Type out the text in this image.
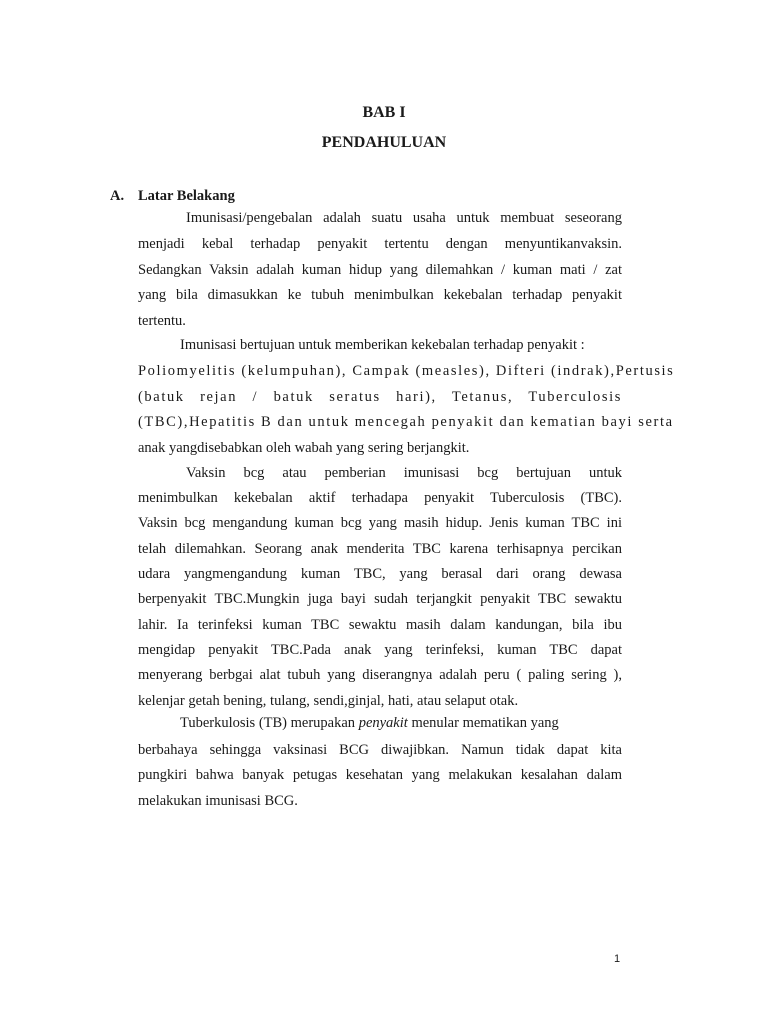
BAB I
PENDAHULUAN
A. Latar Belakang
Imunisasi/pengebalan adalah suatu usaha untuk membuat seseorang
menjadi kebal terhadap penyakit tertentu dengan menyuntikanvaksin.
Sedangkan Vaksin adalah kuman hidup yang dilemahkan / kuman mati / zat
yang bila dimasukkan ke tubuh menimbulkan kekebalan terhadap penyakit
tertentu.
Imunisasi bertujuan untuk memberikan kekebalan terhadap penyakit :
Poliomyelitis (kelumpuhan), Campak (measles), Difteri (indrak),Pertusis
(batuk rejan / batuk seratus hari), Tetanus, Tuberculosis
(TBC),Hepatitis B dan untuk mencegah penyakit dan kematian bayi serta
anak yangdisebabkan oleh wabah yang sering berjangkit.
Vaksin bcg atau pemberian imunisasi bcg bertujuan untuk
menimbulkan kekebalan aktif terhadapa penyakit Tuberculosis (TBC).
Vaksin bcg mengandung kuman bcg yang masih hidup. Jenis kuman TBC ini
telah dilemahkan. Seorang anak menderita TBC karena terhisapnya percikan
udara yangmengandung kuman TBC, yang berasal dari orang dewasa
berpenyakit TBC.Mungkin juga bayi sudah terjangkit penyakit TBC sewaktu
lahir. Ia terinfeksi kuman TBC sewaktu masih dalam kandungan, bila ibu
mengidap penyakit TBC.Pada anak yang terinfeksi, kuman TBC dapat
menyerang berbgai alat tubuh yang diserangnya adalah peru ( paling sering ),
kelenjar getah bening, tulang, sendi,ginjal, hati, atau selaput otak.
Tuberkulosis (TB) merupakan penyakit menular mematikan yang
berbahaya sehingga vaksinasi BCG diwajibkan. Namun tidak dapat kita
pungkiri bahwa banyak petugas kesehatan yang melakukan kesalahan dalam
melakukan imunisasi BCG.
1
